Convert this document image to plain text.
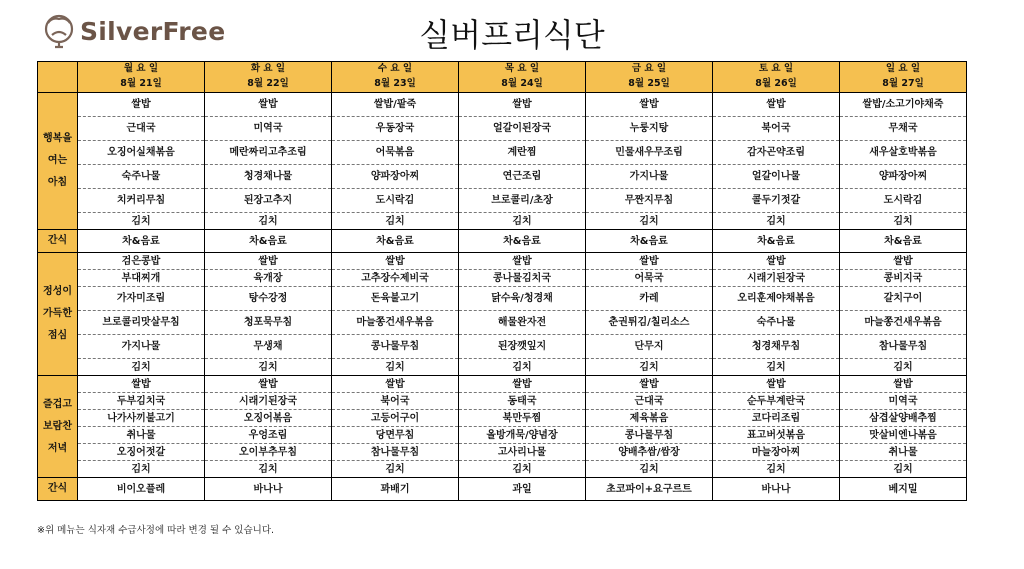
SilverFree	실버프리식단
	월 요 일	화 요 일	수 요 일	목 요 일	금 요 일	토 요 일	일 요 일
	8월 21일	8월 22일	8월 23일	8월 24일	8월 25일	8월 26일	8월 27일

행복을
여는
아침	쌀밥	쌀밥	쌀밥/팥죽	쌀밥	쌀밥	쌀밥	쌀밥/소고기야채죽
	근대국	미역국	우동장국	얼갈이된장국	누룽지탕	북어국	무채국
	오징어실채볶음	메란짜리고추조림	어묵볶음	계란찜	민물새우무조림	감자곤약조림	새우살호박볶음
	숙주나물	청경채나물	양파장아찌	연근조림	가지나물	얼갈이나물	양파장아찌
	치커리무침	된장고추지	도시락김	브로콜리/초장	무짠지무침	콜두기젓갈	도시락김
	김치	김치	김치	김치	김치	김치	김치
간식	차&음료	차&음료	차&음료	차&음료	차&음료	차&음료	차&음료

정성이
가득한
점심	검은콩밥	쌀밥	쌀밥	쌀밥	쌀밥	쌀밥	쌀밥
	부대찌개	육개장	고추장수제비국	콩나물김치국	어묵국	시래기된장국	콩비지국
	가자미조림	탕수강정	돈육불고기	닭수육/청경채	카레	오리훈제야채볶음	갈치구이
	브로콜리맛살무침	청포묵무침	마늘쫑건새우볶음	해물완자전	춘권튀김/칠리소스	숙주나물	마늘쫑건새우볶음
	가지나물	무생채	콩나물무침	된장깻잎지	단무지	청경채무침	참나물무침
	김치	김치	김치	김치	김치	김치	김치

즐겁고
보람찬
저녁	쌀밥	쌀밥	쌀밥	쌀밥	쌀밥	쌀밥	쌀밥
	두부김치국	시래기된장국	북어국	동태국	근대국	순두부계란국	미역국
	나가사끼불고기	오징어볶음	고등어구이	북만두찜	제육볶음	코다리조림	삼겹살양배추찜
	취나물	우엉조림	당면무침	올방개묵/양념장	콩나물무침	표고버섯볶음	맛살비엔나볶음
	오징어젓갈	오이부추무침	참나물무침	고사리나물	양배추쌈/쌈장	마늘장아찌	취나물
	김치	김치	김치	김치	김치	김치	김치
간식	비이오플레	바나나	꽈배기	과일	초코파이+요구르트	바나나	베지밀
※위 메뉴는 식자재 수급사정에 따라 변경 될 수 있습니다.
